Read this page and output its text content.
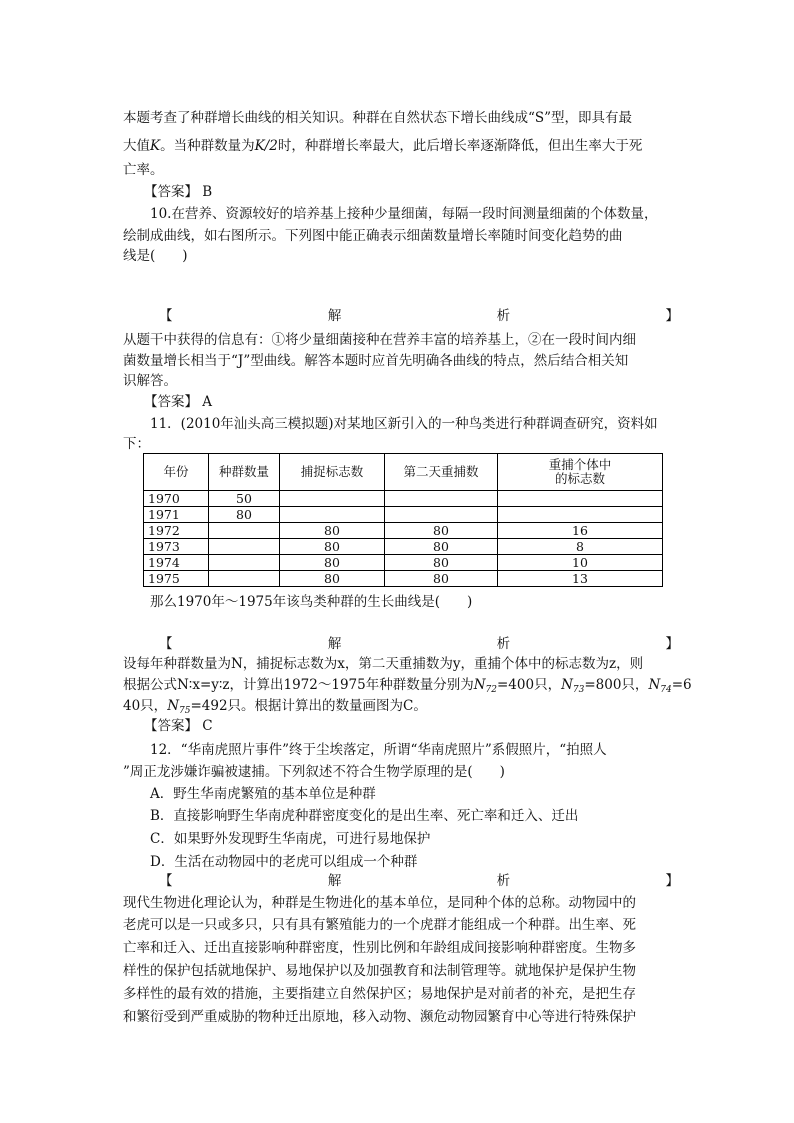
本题考查了种群增长曲线的相关知识。种群在自然状态下增长曲线成“S”型，即具有最
大值K。当种群数量为K/2时，种群增长率最大，此后增长率逐渐降低，但出生率大于死
亡率。
【答案】 B
10.在营养、资源较好的培养基上接种少量细菌，每隔一段时间测量细菌的个体数量，
绘制成曲线，如右图所示。下列图中能正确表示细菌数量增长率随时间变化趋势的曲
线是(　　)
【	解	析	】
从题干中获得的信息有：①将少量细菌接种在营养丰富的培养基上，②在一段时间内细
菌数量增长相当于“J”型曲线。解答本题时应首先明确各曲线的特点，然后结合相关知
识解答。
【答案】 A
11．(2010年汕头高三模拟题)对某地区新引入的一种鸟类进行种群调查研究，资料如
下：
年份	种群数量	捕捉标志数	第二天重捕数	重捕个体中
的标志数
1970	50			
1971	80			
1972		80	80	16
1973		80	80	8
1974		80	80	10
1975		80	80	13
那么1970年～1975年该鸟类种群的生长曲线是(　　)
【	解	析	】
设每年种群数量为N，捕捉标志数为x，第二天重捕数为y，重捕个体中的标志数为z，则
根据公式N∶x=y∶z，计算出1972～1975年种群数量分别为$N_{72}=400$只，$N_{73}=800$只，$N_{74}=6$
40只，$N_{75}=492$只。根据计算出的数量画图为C。
【答案】 C
12．“华南虎照片事件”终于尘埃落定，所谓“华南虎照片”系假照片，“拍照人
”周正龙涉嫌诈骗被逮捕。下列叙述不符合生物学原理的是(　　)
A．野生华南虎繁殖的基本单位是种群
B．直接影响野生华南虎种群密度变化的是出生率、死亡率和迁入、迁出
C．如果野外发现野生华南虎，可进行易地保护
D．生活在动物园中的老虎可以组成一个种群
【	解	析	】
现代生物进化理论认为，种群是生物进化的基本单位，是同种个体的总称。动物园中的
老虎可以是一只或多只，只有具有繁殖能力的一个虎群才能组成一个种群。出生率、死
亡率和迁入、迁出直接影响种群密度，性别比例和年龄组成间接影响种群密度。生物多
样性的保护包括就地保护、易地保护以及加强教育和法制管理等。就地保护是保护生物
多样性的最有效的措施，主要指建立自然保护区；易地保护是对前者的补充，是把生存
和繁衍受到严重威胁的物种迁出原地，移入动物、濒危动物园繁育中心等进行特殊保护
